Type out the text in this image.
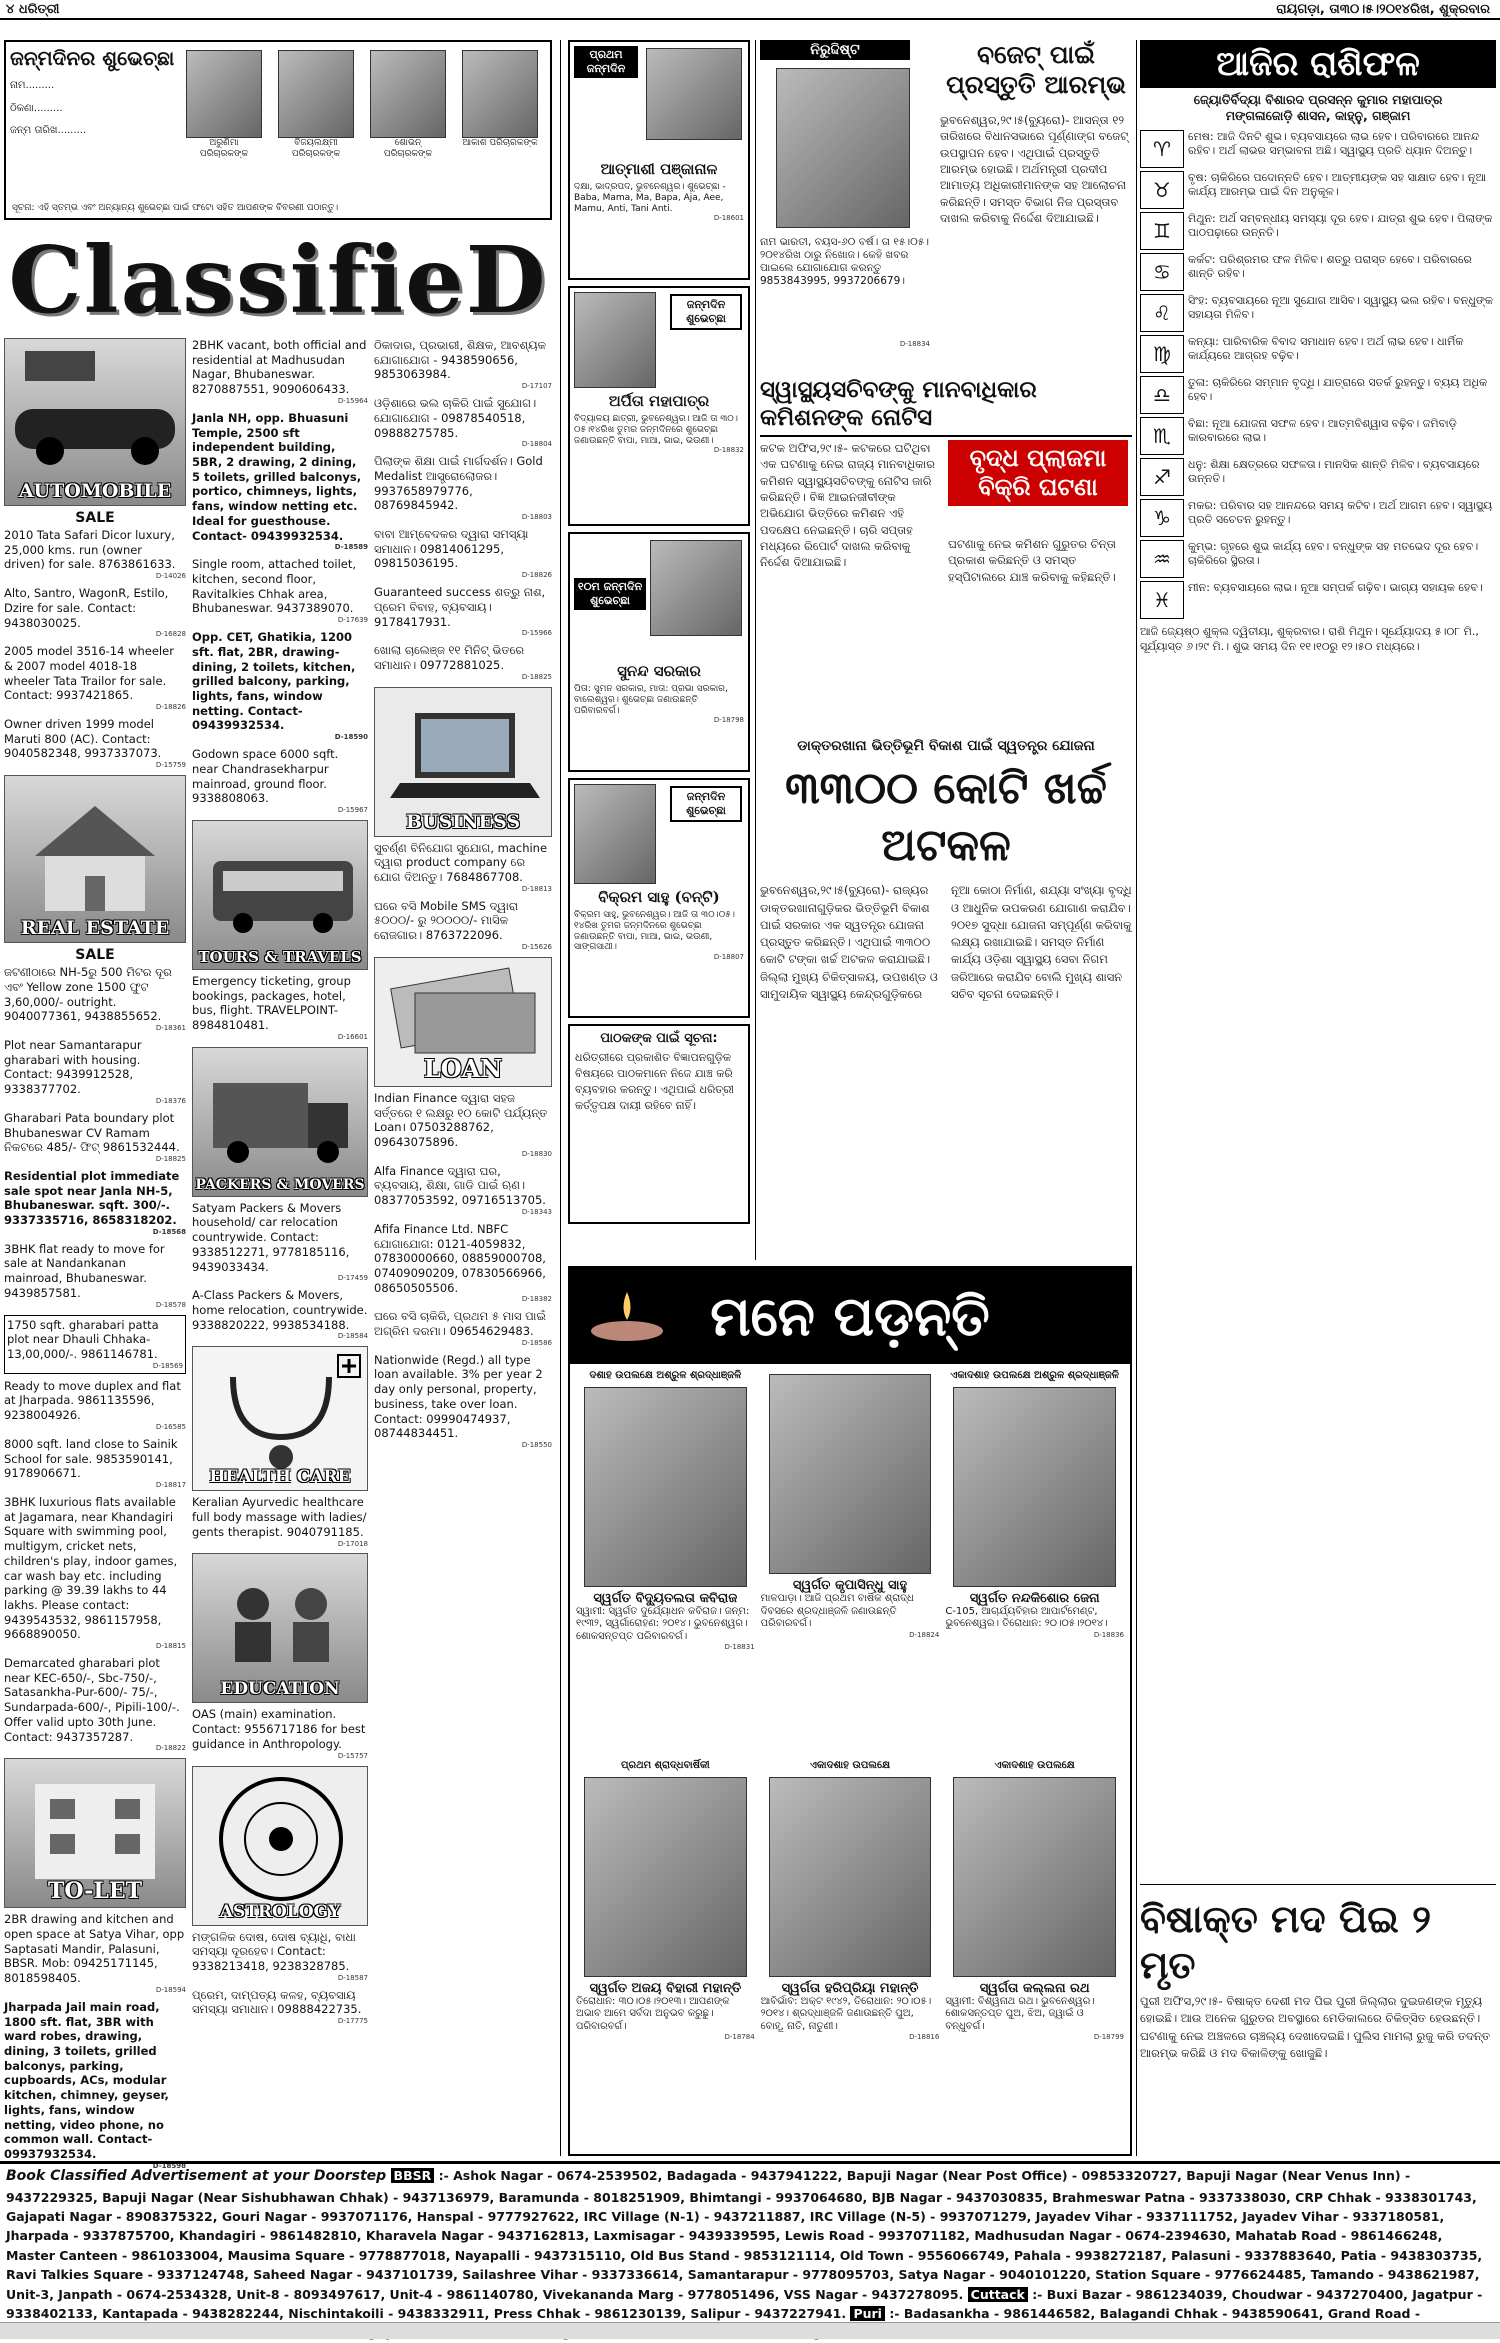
୪ ଧରିତ୍ରୀ	ରାୟଗଡ଼ା, ତା୩୦।୫।୨୦୧୪ରିଖ, ଶୁକ୍ରବାର
ଜନ୍ମଦିନର ଶୁଭେଚ୍ଛା
ନାମ.........
ଠିକଣା.........
ଜନ୍ମ ତାରିଖ.........
ଅରୁଣିମା ପରିଚାରକଙ୍କ
ବିଜୟଲକ୍ଷ୍ମୀ ପରିଚାରକଙ୍କ
ଶୋଭନ୍ ପରିଚାରକଙ୍କ
ଆକାଶ ପରିଚାରକଙ୍କ
ସୂଚନା: ଏହି ସ୍ତମ୍ଭ ଏବଂ ଅନ୍ୟାନ୍ୟ ଶୁଭେଚ୍ଛା ପାଇଁ ଫଟୋ ସହିତ ଆପଣଙ୍କ ବିବରଣୀ ପଠାନ୍ତୁ।
ClassifieD
AUTOMOBILE
SALE
2010 Tata Safari Dicor luxury, 25,000 kms. run (owner driven) for sale. 8763861633.
D-14026
Alto, Santro, WagonR, Estilo, Dzire for sale. Contact: 9438030025.
D-16828
2005 model 3516-14 wheeler & 2007 model 4018-18 wheeler Tata Trailor for sale. Contact: 9937421865.
D-18826
Owner driven 1999 model Maruti 800 (AC). Contact: 9040582348, 9937337073.
D-15759
REAL ESTATE
SALE
ଜଟଣୀଠାରେ NH-5ରୁ 500 ମିଟର ଦୂର ଏବଂ Yellow zone 1500 ଫୁଟ 3,60,000/- outright. 9040077361, 9438855652.
D-18361
Plot near Samantarapur gharabari with housing. Contact: 9439912528, 9338377702.
D-18376
Gharabari Pata boundary plot Bhubaneswar CV Ramam ନିକଟରେ 485/- ଫିଟ୍ 9861532444.
D-18825
Residential plot immediate sale spot near Janla NH-5, Bhubaneswar. sqft. 300/-. 9337335716, 8658318202.
D-18568
3BHK flat ready to move for sale at Nandankanan mainroad, Bhubaneswar. 9439857581.
D-18578
1750 sqft. gharabari patta plot near Dhauli Chhaka-13,00,000/-. 9861146781.
D-18569
Ready to move duplex and flat at Jharpada. 9861135596, 9238004926.
D-16585
8000 sqft. land close to Sainik School for sale. 9853590141, 9178906671.
D-18817
3BHK luxurious flats available at Jagamara, near Khandagiri Square with swimming pool, multigym, cricket nets, children's play, indoor games, car wash bay etc. including parking @ 39.39 lakhs to 44 lakhs. Please contact: 9439543532, 9861157958, 9668890050.
D-18815
Demarcated gharabari plot near KEC-650/-, Sbc-750/-, Satasankha-Pur-600/- 75/-, Sundarpada-600/-, Pipili-100/-. Offer valid upto 30th June. Contact: 9437357287.
D-18822
TO-LET
2BR drawing and kitchen and open space at Satya Vihar, opp Saptasati Mandir, Palasuni, BBSR. Mob: 09425171145, 8018598405.
D-18594
Jharpada Jail main road, 1800 sft. flat, 3BR with ward robes, drawing, dining, 3 toilets, grilled balconys, parking, cupboards, ACs, modular kitchen, chimney, geyser, lights, fans, window netting, video phone, no common wall. Contact-09937932534.
D-18598
2BHK vacant, both official and residential at Madhusudan Nagar, Bhubaneswar. 8270887551, 9090606433.
D-15964
Janla NH, opp. Bhuasuni Temple, 2500 sft independent building, 5BR, 2 drawing, 2 dining, 5 toilets, grilled balconys, portico, chimneys, lights, fans, window netting etc. Ideal for guesthouse. Contact- 09439932534.
D-18589
Single room, attached toilet, kitchen, second floor, Ravitalkies Chhak area, Bhubaneswar. 9437389070.
D-17639
Opp. CET, Ghatikia, 1200 sft. flat, 2BR, drawing-dining, 2 toilets, kitchen, grilled balcony, parking, lights, fans, window netting. Contact- 09439932534.
D-18590
Godown space 6000 sqft. near Chandrasekharpur mainroad, ground floor. 9338808063.
D-15967
TOURS & TRAVELS
Emergency ticketing, group bookings, packages, hotel, bus, flight. TRAVELPOINT-8984810481.
D-16601
PACKERS & MOVERS
Satyam Packers & Movers household/ car relocation countrywide. Contact: 9338512271, 9778185116, 9439033434.
D-17459
A-Class Packers & Movers, home relocation, countrywide. 9338820222, 9938534188.
D-18584
HEALTH CARE
Keralian Ayurvedic healthcare full body massage with ladies/ gents therapist. 9040791185.
D-17018
EDUCATION
OAS (main) examination. Contact: 9556717186 for best guidance in Anthropology.
D-15757
ASTROLOGY
ମଙ୍ଗଳିକ ଦୋଷ, ଦୋଷ ବ୍ୟାଧି, ବାଧା ସମସ୍ୟା ଦୂରହେବ। Contact: 9338213418, 9238328785.
D-18587
ପ୍ରେମ, ଦାମ୍ପତ୍ୟ କଳହ, ବ୍ୟବସାୟ ସମସ୍ୟା ସମାଧାନ। 09888422735.
D-17775
ଠିକାଦାର, ପ୍ରଭାରୀ, ଶିକ୍ଷକ, ଆବଶ୍ୟକ ଯୋଗାଯୋଗ - 9438590656, 9853063984.
D-17107
ଓଡ଼ିଶାରେ ଭଲ ଚାକିରି ପାଇଁ ସୁଯୋଗ। ଯୋଗାଯୋଗ - 09878540518, 09888275785.
D-18804
ପିଲାଙ୍କ ଶିକ୍ଷା ପାଇଁ ମାର୍ଗଦର୍ଶନ। Gold Medalist ଆସ୍ତ୍ରୋଲୋଜର। 9937658979776, 08769845942.
D-18803
ବାବା ଆମ୍ବେଦକର ଦ୍ୱାରା ସମସ୍ୟା ସମାଧାନ। 09814061295, 09815036195.
D-18826
Guaranteed success ଶତ୍ରୁ ନାଶ, ପ୍ରେମ ବିବାହ, ବ୍ୟବସାୟ। 9178417931.
D-15966
ଖୋଲା ଚାଲେଞ୍ଜ ୧୧ ମିନିଟ୍ ଭିତରେ ସମାଧାନ। 09772881025.
D-18825
BUSINESS
ସୁବର୍ଣ୍ଣ ବିନିଯୋଗ ସୁଯୋଗ, machine ଦ୍ୱାରା product company ରେ ଯୋଗ ଦିଅନ୍ତୁ। 7684867708.
D-18813
ଘରେ ବସି Mobile SMS ଦ୍ୱାରା ୫୦୦୦/- ରୁ ୨୦୦୦୦/- ମାସିକ ରୋଜଗାର। 8763722096.
D-15626
LOAN
Indian Finance ଦ୍ୱାରା ସହଜ ସର୍ତ୍ତରେ ୧ ଲକ୍ଷରୁ ୧୦ କୋଟି ପର୍ଯ୍ୟନ୍ତ Loan। 07503288762, 09643075896.
D-18830
Alfa Finance ଦ୍ୱାରା ଘର, ବ୍ୟବସାୟ, ଶିକ୍ଷା, ଗାଡି ପାଇଁ ଋଣ। 08377053592, 09716513705.
D-18343
Afifa Finance Ltd. NBFC ଯୋଗାଯୋଗ: 0121-4059832, 07830000660, 08859000708, 07409090209, 07830566966, 08650505506.
D-18382
ଘରେ ବସି ଚାକିରି, ପ୍ରଥମ ୫ ମାସ ପାଇଁ ଅଗ୍ରିମ ଦରମା। 09654629483.
D-18586
Nationwide (Regd.) all type loan available. 3% per year 2 day only personal, property, business, take over loan. Contact: 09990474937, 08744834451.
D-18550
ପ୍ରଥମ ଜନ୍ମଦିନ
ଆତ୍ମାଶୀ ପଞ୍ଜାନାଳ
ଦକ୍ଷା, ଭାଦ୍ରପଦ, ଭୁବନେଶ୍ୱର। ଶୁଭେଚ୍ଛା - Baba, Mama, Ma, Bapa, Aja, Aee, Mamu, Anti, Tani Anti.
D-18601
ଜନ୍ମଦିନ ଶୁଭେଚ୍ଛା
ଅର୍ପିତା ମହାପାତ୍ର
ବିଦ୍ୟାଳୟ ଛାତ୍ରୀ, ଭୁବନେଶ୍ୱର। ଆଜି ତା ୩୦।୦୫।୧୪ରିଖ ତୁମର ଜନ୍ମଦିନରେ ଶୁଭେଚ୍ଛା ଜଣାଉଛନ୍ତି ବାପା, ମାଆ, ଭାଇ, ଭଉଣୀ।
D-18832
୧୦ମ ଜନ୍ମଦିନ ଶୁଭେଚ୍ଛା
ସୁନନ୍ଦ ସରକାର
ପିତା: ସୁମନ ସରକାର, ମାତା: ପ୍ରଭା ସରକାର, ବାଲେଶ୍ୱର। ଶୁଭେଚ୍ଛା ଜଣାଉଛନ୍ତି ପରିବାରବର୍ଗ।
D-18798
ଜନ୍ମଦିନ ଶୁଭେଚ୍ଛା
ବିକ୍ରମ ସାହୁ (ବନ୍ଟି)
ବିକ୍ରମ ସାହୁ, ଭୁବନେଶ୍ୱର। ଆଜି ତା ୩୦।୦୫।୧୪ରିଖ ତୁମର ଜନ୍ମଦିନରେ ଶୁଭେଚ୍ଛା ଜଣାଉଛନ୍ତି ବାପା, ମାଆ, ଭାଇ, ଭଉଣୀ, ସାଙ୍ଗସାଥୀ।
D-18807
ପାଠକଙ୍କ ପାଇଁ ସୂଚନା:
ଧରିତ୍ରୀରେ ପ୍ରକାଶିତ ବିଜ୍ଞାପନଗୁଡ଼ିକ ବିଷୟରେ ପାଠକମାନେ ନିଜେ ଯାଞ୍ଚ କରି ବ୍ୟବହାର କରନ୍ତୁ। ଏଥିପାଇଁ ଧରିତ୍ରୀ କର୍ତ୍ତୃପକ୍ଷ ଦାୟୀ ରହିବେ ନାହିଁ।
ନିରୁଦ୍ଦିଷ୍ଟ
ନାମ ଭାରତୀ, ବୟସ-୬୦ ବର୍ଷ। ତା ୧୫।୦୫।୨୦୧୪ରିଖ ଠାରୁ ନିଖୋଜ। କେହି ଖବର ପାଇଲେ ଯୋଗାଯୋଗ କରନ୍ତୁ 9853843995, 9937206679।
D-18834
ବଜେଟ୍ ପାଇଁ ପ୍ରସ୍ତୁତି ଆରମ୍ଭ
ଭୁବନେଶ୍ୱର,୨୯।୫(ବ୍ୟୁରୋ)- ଆସନ୍ତା ୧୨ ତାରିଖରେ ବିଧାନସଭାରେ ପୂର୍ଣ୍ଣାଙ୍ଗ ବଜେଟ୍ ଉପସ୍ଥାପନ ହେବ। ଏଥିପାଇଁ ପ୍ରସ୍ତୁତି ଆରମ୍ଭ ହୋଇଛି। ଅର୍ଥମନ୍ତ୍ରୀ ପ୍ରଦୀପ ଆମାତ୍ୟ ଅଧିକାରୀମାନଙ୍କ ସହ ଆଲୋଚନା କରିଛନ୍ତି। ସମସ୍ତ ବିଭାଗ ନିଜ ପ୍ରସ୍ତାବ ଦାଖଲ କରିବାକୁ ନିର୍ଦ୍ଦେଶ ଦିଆଯାଇଛି।
ସ୍ୱାସ୍ଥ୍ୟସଚିବଙ୍କୁ ମାନବାଧିକାର କମିଶନଙ୍କ ନୋଟିସ
କଟକ ଅଫିସ,୨୯।୫- କଟକରେ ଘଟିଥିବା ଏକ ଘଟଣାକୁ ନେଇ ରାଜ୍ୟ ମାନବାଧିକାର କମିଶନ ସ୍ୱାସ୍ଥ୍ୟସଚିବଙ୍କୁ ନୋଟିସ ଜାରି କରିଛନ୍ତି। ବିଜ୍ଞ ଆଇନଜୀବୀଙ୍କ ଅଭିଯୋଗ ଭିତ୍ତିରେ କମିଶନ ଏହି ପଦକ୍ଷେପ ନେଇଛନ୍ତି। ଚାରି ସପ୍ତାହ ମଧ୍ୟରେ ରିପୋର୍ଟ ଦାଖଲ କରିବାକୁ ନିର୍ଦ୍ଦେଶ ଦିଆଯାଇଛି।
ବୃଦ୍ଧ ପ୍ଲାଜମା ବିକ୍ରି ଘଟଣା
ଘଟଣାକୁ ନେଇ କମିଶନ ଗୁରୁତର ଚିନ୍ତା ପ୍ରକାଶ କରିଛନ୍ତି ଓ ସମସ୍ତ ହସ୍ପିଟାଲରେ ଯାଞ୍ଚ କରିବାକୁ କହିଛନ୍ତି।
ଡାକ୍ତରଖାନା ଭିତ୍ତିଭୂମି ବିକାଶ ପାଇଁ ସ୍ୱତନ୍ତ୍ର ଯୋଜନା
୩୩୦୦ କୋଟି ଖର୍ଚ୍ଚ ଅଟକଳ
ଭୁବନେଶ୍ୱର,୨୯।୫(ବ୍ୟୁରୋ)- ରାଜ୍ୟର ଡାକ୍ତରଖାନାଗୁଡ଼ିକର ଭିତ୍ତିଭୂମି ବିକାଶ ପାଇଁ ସରକାର ଏକ ସ୍ୱତନ୍ତ୍ର ଯୋଜନା ପ୍ରସ୍ତୁତ କରିଛନ୍ତି। ଏଥିପାଇଁ ୩୩୦୦ କୋଟି ଟଙ୍କା ଖର୍ଚ୍ଚ ଅଟକଳ କରାଯାଇଛି। ଜିଲ୍ଲା ମୁଖ୍ୟ ଚିକିତ୍ସାଳୟ, ଉପଖଣ୍ଡ ଓ ସାମୁଦାୟିକ ସ୍ୱାସ୍ଥ୍ୟ କେନ୍ଦ୍ରଗୁଡ଼ିକରେ ନୂଆ କୋଠା ନିର୍ମାଣ, ଶଯ୍ୟା ସଂଖ୍ୟା ବୃଦ୍ଧି ଓ ଆଧୁନିକ ଉପକରଣ ଯୋଗାଣ କରାଯିବ। ୨୦୧୭ ସୁଦ୍ଧା ଯୋଜନା ସମ୍ପୂର୍ଣ୍ଣ କରିବାକୁ ଲକ୍ଷ୍ୟ ରଖାଯାଇଛି। ସମସ୍ତ ନିର୍ମାଣ କାର୍ଯ୍ୟ ଓଡ଼ିଶା ସ୍ୱାସ୍ଥ୍ୟ ସେବା ନିଗମ ଜରିଆରେ କରାଯିବ ବୋଲି ମୁଖ୍ୟ ଶାସନ ସଚିବ ସୂଚନା ଦେଇଛନ୍ତି।
ମନେ ପଡ଼ନ୍ତି
ଦଶାହ ଉପଲକ୍ଷେ ଅଶ୍ରୁଳ ଶ୍ରଦ୍ଧାଞ୍ଜଳି
ସ୍ୱର୍ଗତ ବିଦ୍ୟୁତଲତା କବିରାଜ
ସ୍ୱାମୀ: ସ୍ୱର୍ଗତ ଦୁର୍ଯ୍ୟୋଧନ କବିରାଜ। ଜନ୍ମ: ୧୯୩୨, ସ୍ୱର୍ଗାରୋହଣ: ୨୦୧୪। ଭୁବନେଶ୍ୱର। ଶୋକସନ୍ତପ୍ତ ପରିବାରବର୍ଗ।
D-18831
ସ୍ୱର୍ଗତ କୃପାସିନ୍ଧୁ ସାହୁ
ମାଳପାଡ଼ା। ଆଜି ପ୍ରଥମ ବାର୍ଷିକ ଶ୍ରାଦ୍ଧ ଦିବସରେ ଶ୍ରଦ୍ଧାଞ୍ଜଳି ଜଣାଉଛନ୍ତି ପରିବାରବର୍ଗ।
D-18824
ଏକାଦଶାହ ଉପଲକ୍ଷେ ଅଶ୍ରୁଳ ଶ୍ରଦ୍ଧାଞ୍ଜଳି
ସ୍ୱର୍ଗତ ନନ୍ଦକିଶୋର ଜେନା
C-105, ଆଚାର୍ଯ୍ୟବିହାର ଆପାର୍ଟମେଣ୍ଟ, ଭୁବନେଶ୍ୱର। ତିରୋଧାନ: ୨୦।୦୫।୨୦୧୪।
D-18836
ପ୍ରଥମ ଶ୍ରାଦ୍ଧବାର୍ଷିକୀ
ସ୍ୱର୍ଗତ ଅଜୟ ବିହାରୀ ମହାନ୍ତି
ତିରୋଧାନ: ୩୦।୦୫।୨୦୧୩। ଆପଣଙ୍କ ଅଭାବ ଆମେ ସର୍ବଦା ଅନୁଭବ କରୁଛୁ। ପରିବାରବର୍ଗ।
D-18784
ଏକାଦଶାହ ଉପଲକ୍ଷେ
ସ୍ୱର୍ଗତା ହରିପ୍ରିୟା ମହାନ୍ତି
ଆବିର୍ଭାବ: ଅକ୍ଟ ୧୯୪୨, ତିରୋଧାନ: ୨୦।୦୫।୨୦୧୪। ଶ୍ରଦ୍ଧାଞ୍ଜଳି ଜଣାଉଛନ୍ତି ପୁଅ, ବୋହୂ, ନାତି, ନାତୁଣୀ।
D-18816
ଏକାଦଶାହ ଉପଲକ୍ଷେ
ସ୍ୱର୍ଗତା କଲ୍ଲନା ରଥ
ସ୍ୱାମୀ: ବିଶ୍ୱନାଥ ରଥ। ଭୁବନେଶ୍ୱର। ଶୋକସନ୍ତପ୍ତ ପୁଅ, ଝିଅ, ଜ୍ୱାଇଁ ଓ ବନ୍ଧୁବର୍ଗ।
D-18799
ଆଜିର ରାଶିଫଳ
ଜ୍ୟୋତିର୍ବିଦ୍ୟା ବିଶାରଦ ପ୍ରସନ୍ନ କୁମାର ମହାପାତ୍ର
ମଙ୍ଗଳାଜୋଡ଼ି ଶାସନ, କାହ୍ନୁ, ଗଞ୍ଜାମ
♈
ମେଷ: ଆଜି ଦିନଟି ଶୁଭ। ବ୍ୟବସାୟରେ ଲାଭ ହେବ। ପରିବାରରେ ଆନନ୍ଦ ରହିବ। ଅର୍ଥ ଲାଭର ସମ୍ଭାବନା ଅଛି। ସ୍ୱାସ୍ଥ୍ୟ ପ୍ରତି ଧ୍ୟାନ ଦିଅନ୍ତୁ।
♉
ବୃଷ: ଚାକିରିରେ ପଦୋନ୍ନତି ହେବ। ଆତ୍ମୀୟଙ୍କ ସହ ସାକ୍ଷାତ ହେବ। ନୂଆ କାର୍ଯ୍ୟ ଆରମ୍ଭ ପାଇଁ ଦିନ ଅନୁକୂଳ।
♊
ମିଥୁନ: ଅର୍ଥ ସମ୍ବନ୍ଧୀୟ ସମସ୍ୟା ଦୂର ହେବ। ଯାତ୍ରା ଶୁଭ ହେବ। ପିଲାଙ୍କ ପାଠପଢ଼ାରେ ଉନ୍ନତି।
♋
କର୍କଟ: ପରିଶ୍ରମର ଫଳ ମିଳିବ। ଶତ୍ରୁ ପରାସ୍ତ ହେବେ। ପରିବାରରେ ଶାନ୍ତି ରହିବ।
♌
ସିଂହ: ବ୍ୟବସାୟରେ ନୂଆ ସୁଯୋଗ ଆସିବ। ସ୍ୱାସ୍ଥ୍ୟ ଭଲ ରହିବ। ବନ୍ଧୁଙ୍କ ସହାୟତା ମିଳିବ।
♍
କନ୍ୟା: ପାରିବାରିକ ବିବାଦ ସମାଧାନ ହେବ। ଅର୍ଥ ଲାଭ ହେବ। ଧାର୍ମିକ କାର୍ଯ୍ୟରେ ଆଗ୍ରହ ବଢ଼ିବ।
♎
ତୁଳା: ଚାକିରିରେ ସମ୍ମାନ ବୃଦ୍ଧି। ଯାତ୍ରାରେ ସତର୍କ ରୁହନ୍ତୁ। ବ୍ୟୟ ଅଧିକ ହେବ।
♏
ବିଛା: ନୂଆ ଯୋଜନା ସଫଳ ହେବ। ଆତ୍ମବିଶ୍ୱାସ ବଢ଼ିବ। ଜମିବାଡ଼ି କାରବାରରେ ଲାଭ।
♐
ଧନୁ: ଶିକ୍ଷା କ୍ଷେତ୍ରରେ ସଫଳତା। ମାନସିକ ଶାନ୍ତି ମିଳିବ। ବ୍ୟବସାୟରେ ଉନ୍ନତି।
♑
ମକର: ପରିବାର ସହ ଆନନ୍ଦରେ ସମୟ କଟିବ। ଅର୍ଥ ଆଗମ ହେବ। ସ୍ୱାସ୍ଥ୍ୟ ପ୍ରତି ସଚେତନ ରୁହନ୍ତୁ।
♒
କୁମ୍ଭ: ଗୃହରେ ଶୁଭ କାର୍ଯ୍ୟ ହେବ। ବନ୍ଧୁଙ୍କ ସହ ମତଭେଦ ଦୂର ହେବ। ଚାକିରିରେ ସ୍ଥିରତା।
♓
ମୀନ: ବ୍ୟବସାୟରେ ଲାଭ। ନୂଆ ସମ୍ପର୍କ ଗଢ଼ିବ। ଭାଗ୍ୟ ସହାୟକ ହେବ।
ଆଜି ଜ୍ୟେଷ୍ଠ ଶୁକ୍ଲ ଦ୍ୱିତୀୟା, ଶୁକ୍ରବାର। ରାଶି ମିଥୁନ। ସୂର୍ଯ୍ୟୋଦୟ ୫।୦୮ ମି., ସୂର୍ଯ୍ୟାସ୍ତ ୬।୨୯ ମି.। ଶୁଭ ସମୟ ଦିନ ୧୧।୧୦ରୁ ୧୨।୫୦ ମଧ୍ୟରେ।
ବିଷାକ୍ତ ମଦ ପିଇ ୨ ମୃତ
ପୁରୀ ଅଫିସ,୨୯।୫- ବିଷାକ୍ତ ଦେଶୀ ମଦ ପିଇ ପୁରୀ ଜିଲ୍ଲାର ଦୁଇଜଣଙ୍କ ମୃତ୍ୟୁ ହୋଇଛି। ଆଉ ଅନେକ ଗୁରୁତର ଅବସ୍ଥାରେ ମେଡିକାଲରେ ଚିକିତ୍ସିତ ହେଉଛନ୍ତି। ଘଟଣାକୁ ନେଇ ଅଞ୍ଚଳରେ ଚାଞ୍ଚଲ୍ୟ ଦେଖାଦେଇଛି। ପୁଲିସ ମାମଲା ରୁଜୁ କରି ତଦନ୍ତ ଆରମ୍ଭ କରିଛି ଓ ମଦ ବିକାଳିଙ୍କୁ ଖୋଜୁଛି।
Book Classified Advertisement at your Doorstep BBSR :- Ashok Nagar - 0674-2539502, Badagada - 9437941222, Bapuji Nagar (Near Post Office) - 09853320727, Bapuji Nagar (Near Venus Inn) - 9437229325, Bapuji Nagar (Near Sishubhawan Chhak) - 9437136979, Baramunda - 8018251909, Bhimtangi - 9937064680, BJB Nagar - 9437030835, Brahmeswar Patna - 9337338030, CRP Chhak - 9338301743, Gajapati Nagar - 8908375322, Gouri Nagar - 9937071176, Hanspal - 9777927622, IRC Village (N-1) - 9437211887, IRC Village (N-5) - 9937071279, Jayadev Vihar - 9337111752, Jayadev Vihar - 9337180581, Jharpada - 9337875700, Khandagiri - 9861482810, Kharavela Nagar - 9437162813, Laxmisagar - 9439339595, Lewis Road - 9937071182, Madhusudan Nagar - 0674-2394630, Mahatab Road - 9861466248, Master Canteen - 9861033004, Mausima Square - 9778877018, Nayapalli - 9437315110, Old Bus Stand - 9853121114, Old Town - 9556066749, Pahala - 9938272187, Palasuni - 9337883640, Patia - 9438303735, Ravi Talkies Square - 9337124748, Saheed Nagar - 9437101739, Sailashree Vihar - 9337336614, Samantarapur - 9778095703, Satya Nagar - 9040101220, Station Square - 9776624485, Tamando - 9438621987, Unit-3, Janpath - 0674-2534328, Unit-8 - 8093497617, Unit-4 - 9861140780, Vivekananda Marg - 9778051496, VSS Nagar - 9437278095. Cuttack :- Buxi Bazar - 9861234039, Choudwar - 9437270400, Jagatpur - 9338402133, Kantapada - 9438282244, Nischintakoili - 9438332911, Press Chhak - 9861230139, Salipur - 9437227941. Puri :- Badasankha - 9861446582, Balagandi Chhak - 9438590641, Grand Road -
